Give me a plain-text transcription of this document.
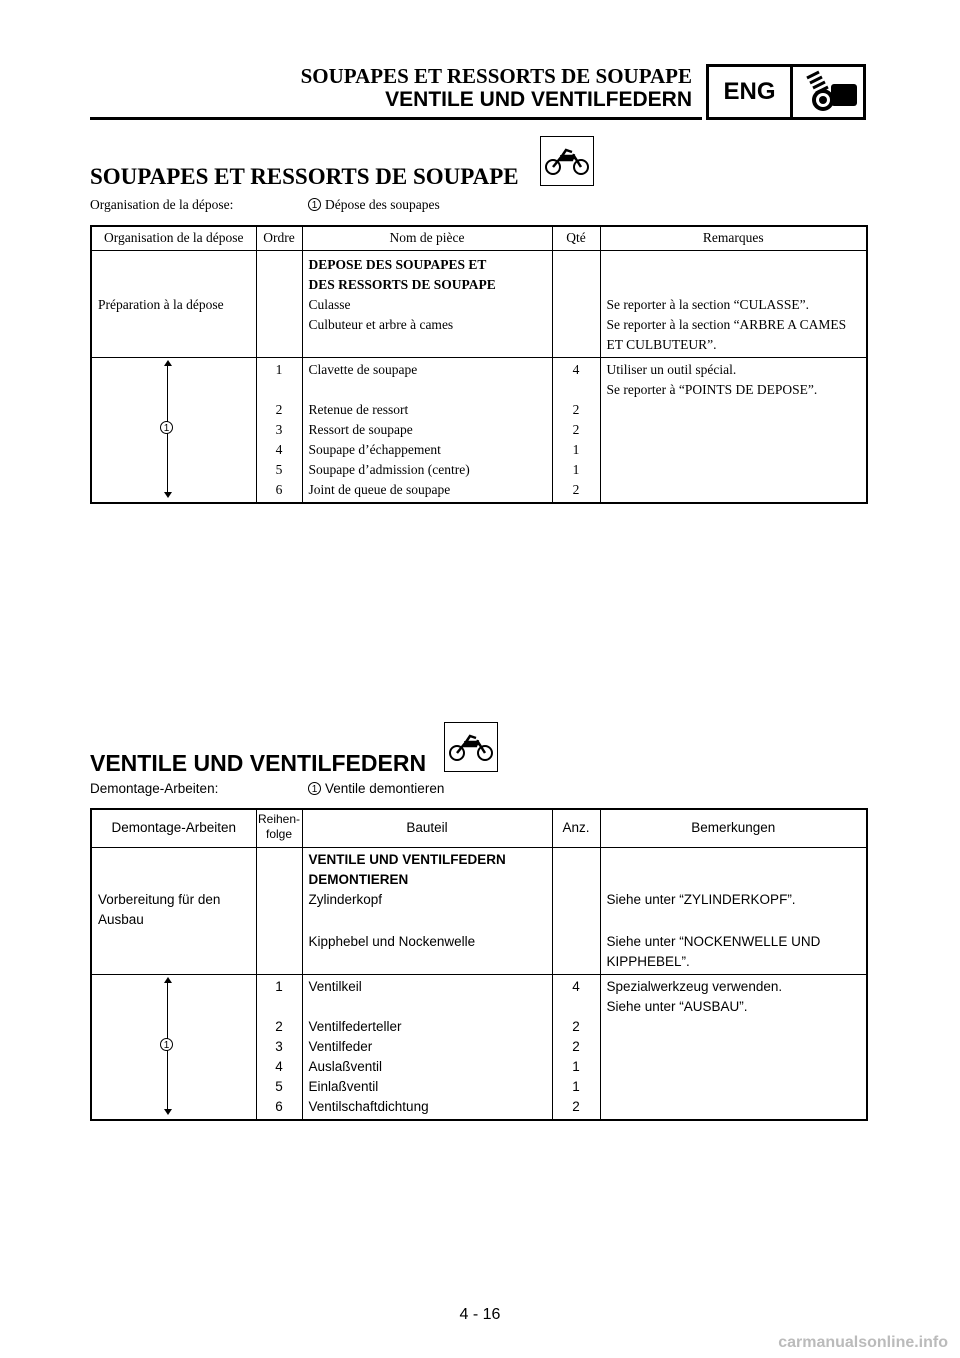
SOUPAPES ET RESSORTS DE SOUPAPE
VENTILE UND VENTILFEDERN	ENG
SOUPAPES ET RESSORTS DE SOUPAPE
Organisation de la dépose:	1 Dépose des soupapes
Organisation de la dépose	Ordre	Nom de pièce	Qté	Remarques

		DEPOSE DES SOUPAPES ET
DES RESSORTS DE SOUPAPE		

Préparation à la dépose		Culasse		Se reporter à la section “CULASSE”.
		Culbuteur et arbre à cames		Se reporter à la section “ARBRE A CAMES
ET CULBUTEUR”.

1	1	Clavette de soupape	4	Utiliser un outil spécial.
Se reporter à “POINTS DE DEPOSE”.

	2	Retenue de ressort	2	
	3	Ressort de soupape	2	
	4	Soupape d’échappement	1	
	5	Soupape d’admission (centre)	1	
	6	Joint de queue de soupape	2	
VENTILE UND VENTILFEDERN
Demontage-Arbeiten:	1 Ventile demontieren
Demontage-Arbeiten	Reihen-
folge	Bauteil	Anz.	Bemerkungen

		VENTILE UND VENTILFEDERN
DEMONTIEREN		

Vorbereitung für den
Ausbau		Zylinderkopf		Siehe unter “ZYLINDERKOPF”.
		Kipphebel und Nockenwelle		Siehe unter “NOCKENWELLE UND
KIPPHEBEL”.

1	1	Ventilkeil	4	Spezialwerkzeug verwenden.
Siehe unter “AUSBAU”.

	2	Ventilfederteller	2	
	3	Ventilfeder	2	
	4	Auslaßventil	1	
	5	Einlaßventil	1	
	6	Ventilschaftdichtung	2	
4 - 16
carmanualsonline.info
